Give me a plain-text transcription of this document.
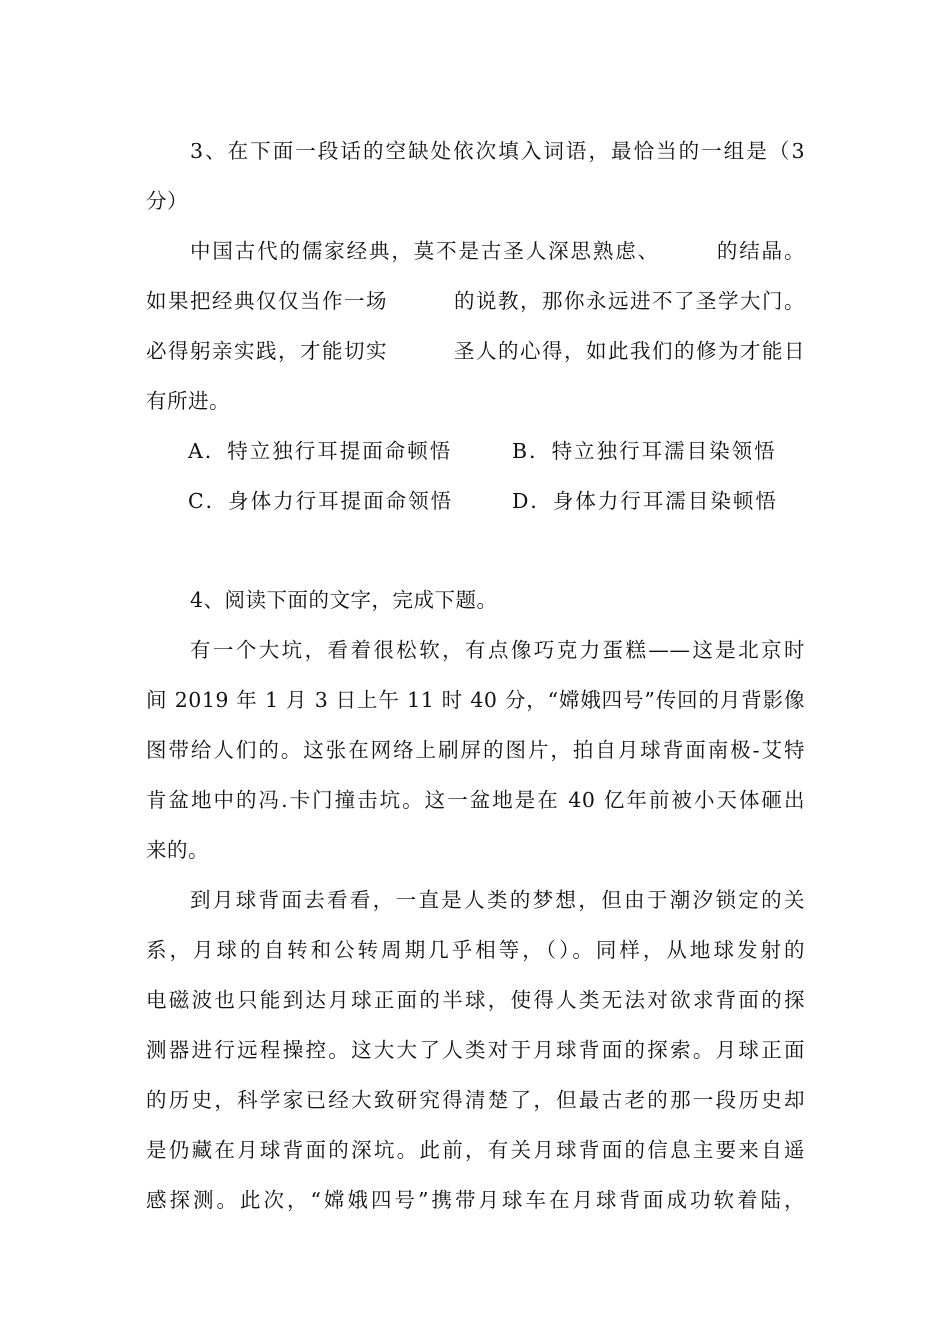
3、在下面一段话的空缺处依次填入词语，最恰当的一组是（3
分）
中国古代的儒家经典，莫不是古圣人深思熟虑、　　　的结晶。
如果把经典仅仅当作一场　　　的说教，那你永远进不了圣学大门。
必得躬亲实践，才能切实　　　圣人的心得，如此我们的修为才能日
有所进。
A．特立独行耳提面命顿悟	B．特立独行耳濡目染领悟
C．身体力行耳提面命领悟	D．身体力行耳濡目染顿悟
4、阅读下面的文字，完成下题。
有一个大坑，看着很松软，有点像巧克力蛋糕——这是北京时
间 2019 年 1 月 3 日上午 11 时 40 分，“嫦娥四号”传回的月背影像
图带给人们的。这张在网络上刷屏的图片，拍自月球背面南极-艾特
肯盆地中的冯.卡门撞击坑。这一盆地是在 40 亿年前被小天体砸出
来的。
到月球背面去看看，一直是人类的梦想，但由于潮汐锁定的关
系，月球的自转和公转周期几乎相等，（）。同样，从地球发射的
电磁波也只能到达月球正面的半球，使得人类无法对欲求背面的探
测器进行远程操控。这大大了人类对于月球背面的探索。月球正面
的历史，科学家已经大致研究得清楚了，但最古老的那一段历史却
是仍藏在月球背面的深坑。此前，有关月球背面的信息主要来自遥
感探测。此次，“嫦娥四号”携带月球车在月球背面成功软着陆，
